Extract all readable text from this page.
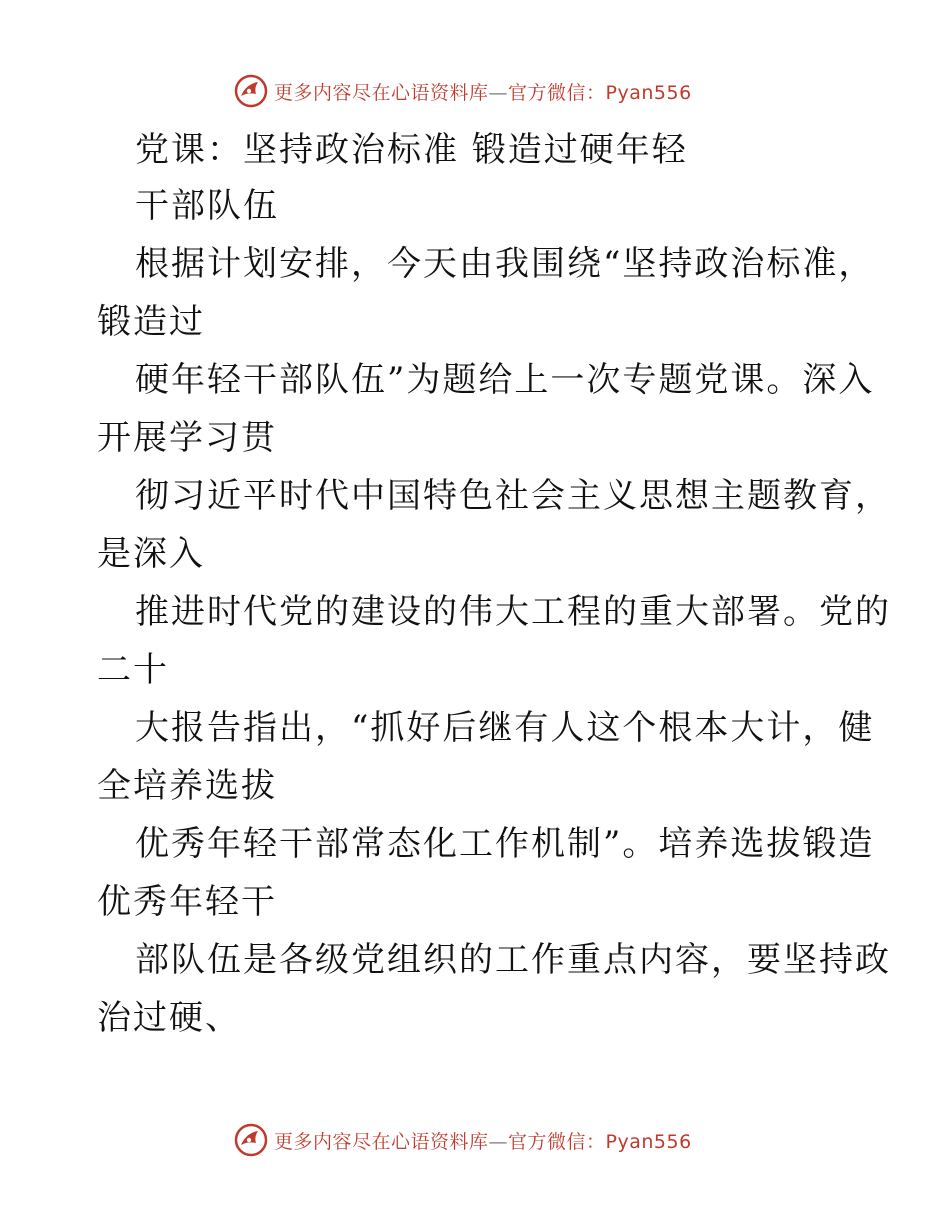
更多内容尽在心语资料库—官方微信：Pyan556
党课：坚持政治标准 锻造过硬年轻
干部队伍
根据计划安排，今天由我围绕“坚持政治标准，
锻造过
硬年轻干部队伍”为题给上一次专题党课。深入
开展学习贯
彻习近平时代中国特色社会主义思想主题教育，
是深入
推进时代党的建设的伟大工程的重大部署。党的
二十
大报告指出，“抓好后继有人这个根本大计，健
全培养选拔
优秀年轻干部常态化工作机制”。培养选拔锻造
优秀年轻干
部队伍是各级党组织的工作重点内容，要坚持政
治过硬、
更多内容尽在心语资料库—官方微信：Pyan556
